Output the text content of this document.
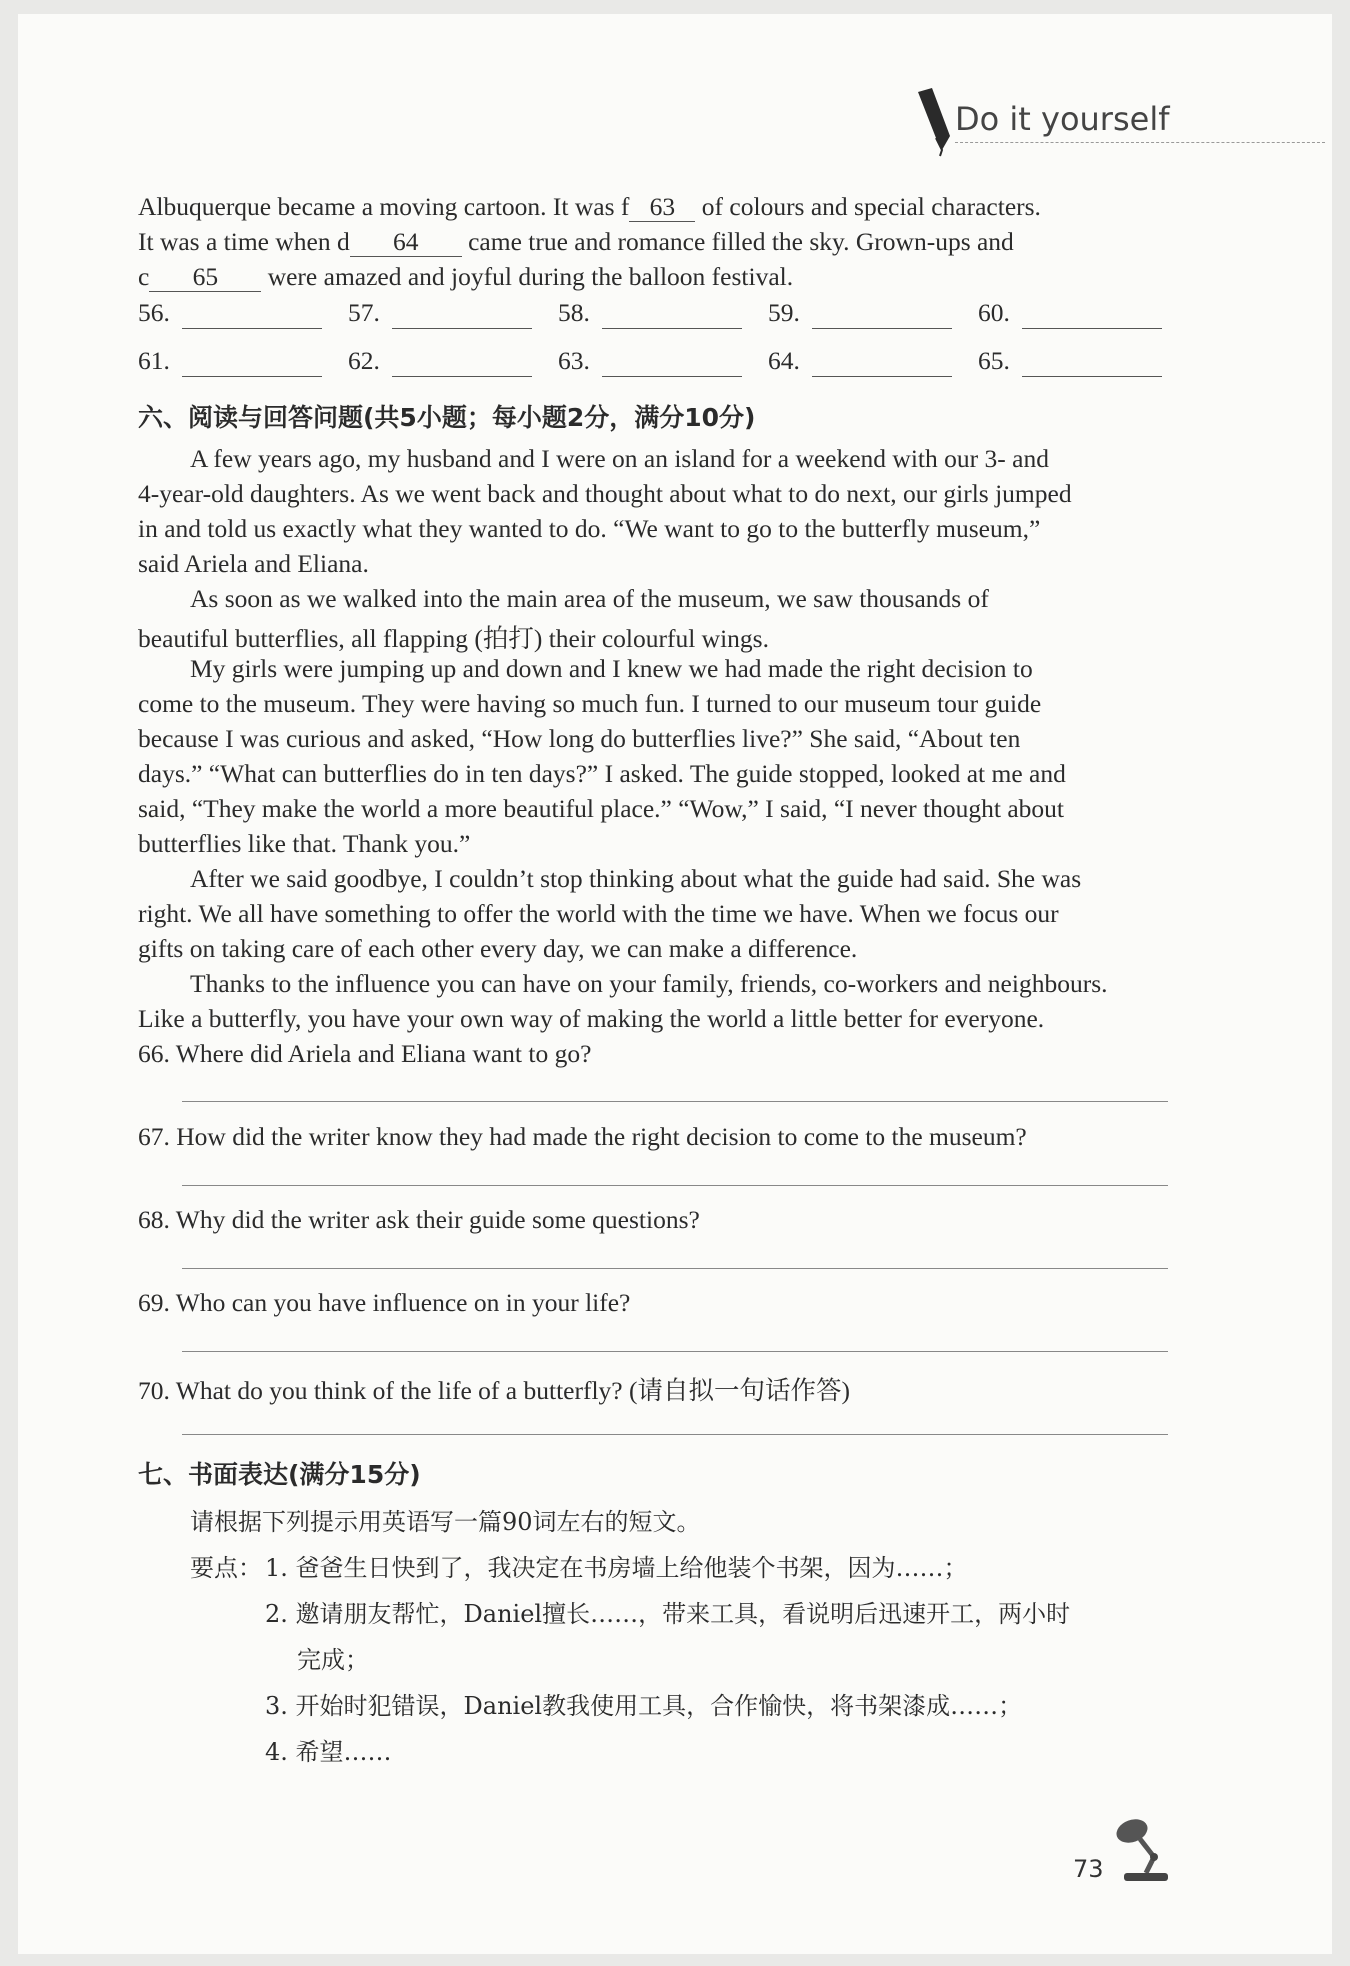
Do it yourself
Albuquerque became a moving cartoon. It was f 63 of colours and special characters.
It was a time when d 64 came true and romance filled the sky. Grown-ups and
c 65 were amazed and joyful during the balloon festival.
56.	57.	58.	59.	60.
61.	62.	63.	64.	65.
六、阅读与回答问题(共5小题；每小题2分，满分10分)
A few years ago, my husband and I were on an island for a weekend with our 3- and
4-year-old daughters. As we went back and thought about what to do next, our girls jumped
in and told us exactly what they wanted to do. “We want to go to the butterfly museum,”
said Ariela and Eliana.
As soon as we walked into the main area of the museum, we saw thousands of
beautiful butterflies, all flapping (拍打) their colourful wings.
My girls were jumping up and down and I knew we had made the right decision to
come to the museum. They were having so much fun. I turned to our museum tour guide
because I was curious and asked, “How long do butterflies live?” She said, “About ten
days.” “What can butterflies do in ten days?” I asked. The guide stopped, looked at me and
said, “They make the world a more beautiful place.” “Wow,” I said, “I never thought about
butterflies like that. Thank you.”
After we said goodbye, I couldn’t stop thinking about what the guide had said. She was
right. We all have something to offer the world with the time we have. When we focus our
gifts on taking care of each other every day, we can make a difference.
Thanks to the influence you can have on your family, friends, co-workers and neighbours.
Like a butterfly, you have your own way of making the world a little better for everyone.
66. Where did Ariela and Eliana want to go?
67. How did the writer know they had made the right decision to come to the museum?
68. Why did the writer ask their guide some questions?
69. Who can you have influence on in your life?
70. What do you think of the life of a butterfly? (请自拟一句话作答)
七、书面表达(满分15分)
请根据下列提示用英语写一篇90词左右的短文。
要点： 1. 爸爸生日快到了，我决定在书房墙上给他装个书架，因为……；
2. 邀请朋友帮忙，Daniel擅长……，带来工具，看说明后迅速开工，两小时
完成；
3. 开始时犯错误，Daniel教我使用工具，合作愉快，将书架漆成……；
4. 希望……
73
